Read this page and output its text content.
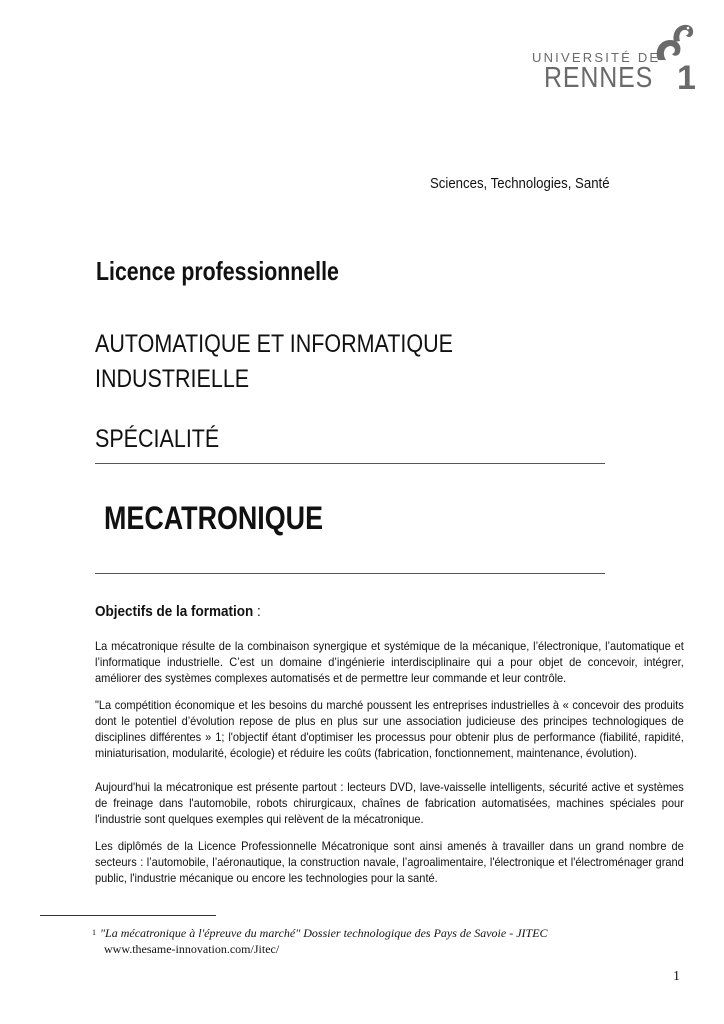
UNIVERSITÉ DE
RENNES 1
Sciences, Technologies, Santé
Licence professionnelle
AUTOMATIQUE ET INFORMATIQUE
INDUSTRIELLE
SPÉCIALITÉ
MECATRONIQUE
Objectifs de la formation :
La mécatronique résulte de la combinaison synergique et systémique de la mécanique, l’électronique, l’automatique et l’informatique industrielle. C’est un domaine d’ingénierie interdisciplinaire qui a pour objet de concevoir, intégrer, améliorer des systèmes complexes automatisés et de permettre leur commande et leur contrôle.
"La compétition économique et les besoins du marché poussent les entreprises industrielles à « concevoir des produits dont le potentiel d’évolution repose de plus en plus sur une association judicieuse des principes technologiques de disciplines différentes » 1; l'objectif étant d'optimiser les processus pour obtenir plus de performance (fiabilité, rapidité, miniaturisation, modularité, écologie) et réduire les coûts (fabrication, fonctionnement, maintenance, évolution).
Aujourd'hui la mécatronique est présente partout : lecteurs DVD, lave-vaisselle intelligents, sécurité active et systèmes de freinage dans l'automobile, robots chirurgicaux, chaînes de fabrication automatisées, machines spéciales pour l'industrie sont quelques exemples qui relèvent de la mécatronique.
Les diplômés de la Licence Professionnelle Mécatronique sont ainsi amenés à travailler dans un grand nombre de secteurs : l’automobile, l’aéronautique, la construction navale, l’agroalimentaire, l'électronique et l'électroménager grand public, l'industrie mécanique ou encore les technologies pour la santé.
$^1$ "La mécatronique à l'épreuve du marché" Dossier technologique des Pays de Savoie - JITEC
www.thesame-innovation.com/Jitec/
1
